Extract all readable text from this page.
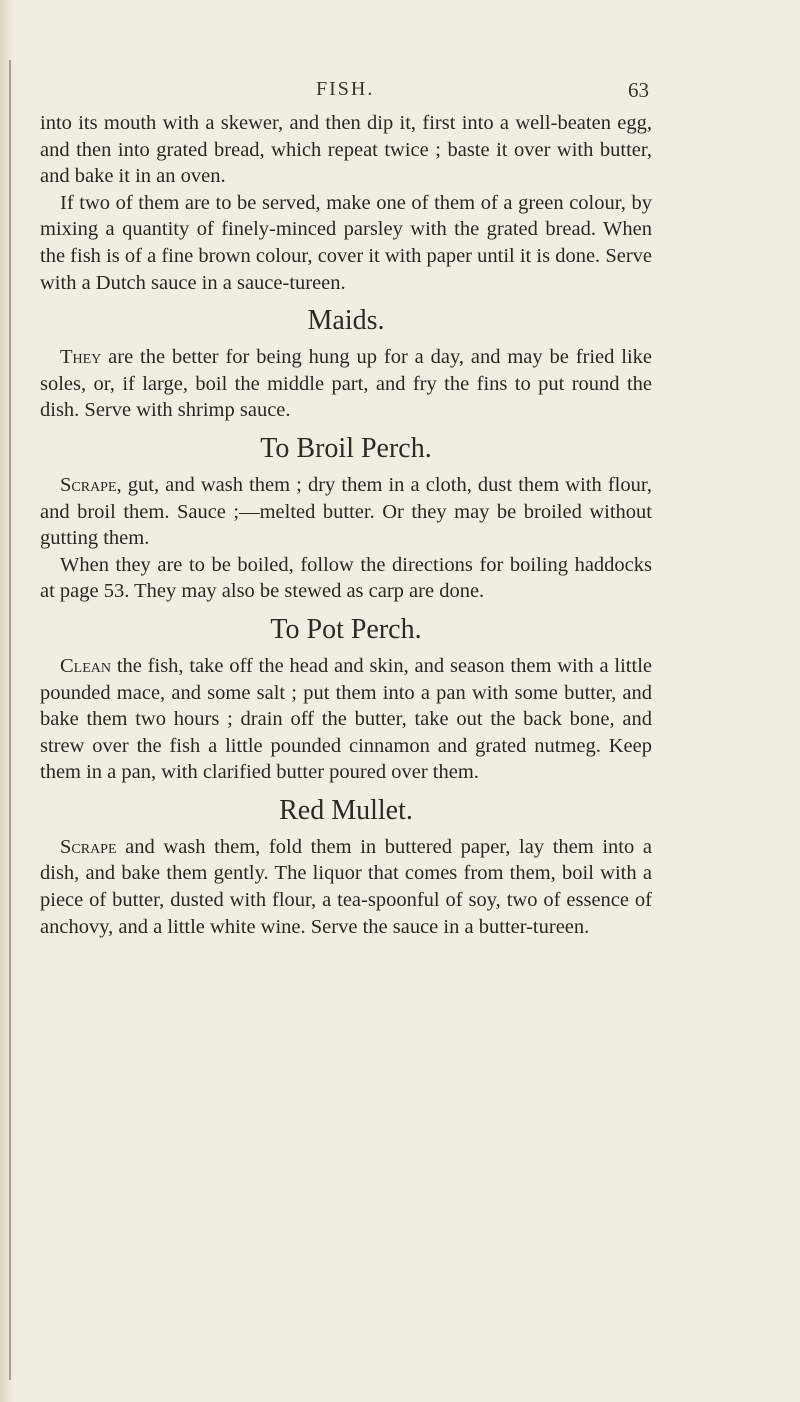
FISH.	63

into its mouth with a skewer, and then dip it, first into a well-beaten egg, and then into grated bread, which repeat twice ; baste it over with butter, and bake it in an oven.

If two of them are to be served, make one of them of a green colour, by mixing a quantity of finely-minced parsley with the grated bread. When the fish is of a fine brown colour, cover it with paper until it is done. Serve with a Dutch sauce in a sauce-tureen.

Maids.

They are the better for being hung up for a day, and may be fried like soles, or, if large, boil the middle part, and fry the fins to put round the dish. Serve with shrimp sauce.

To Broil Perch.

Scrape, gut, and wash them ; dry them in a cloth, dust them with flour, and broil them. Sauce ;—melted butter. Or they may be broiled without gutting them.

When they are to be boiled, follow the directions for boiling haddocks at page 53. They may also be stewed as carp are done.

To Pot Perch.

Clean the fish, take off the head and skin, and season them with a little pounded mace, and some salt ; put them into a pan with some butter, and bake them two hours ; drain off the butter, take out the back bone, and strew over the fish a little pounded cinnamon and grated nutmeg. Keep them in a pan, with clarified butter poured over them.

Red Mullet.

Scrape and wash them, fold them in buttered paper, lay them into a dish, and bake them gently. The liquor that comes from them, boil with a piece of butter, dusted with flour, a tea-spoonful of soy, two of essence of anchovy, and a little white wine. Serve the sauce in a butter-tureen.
